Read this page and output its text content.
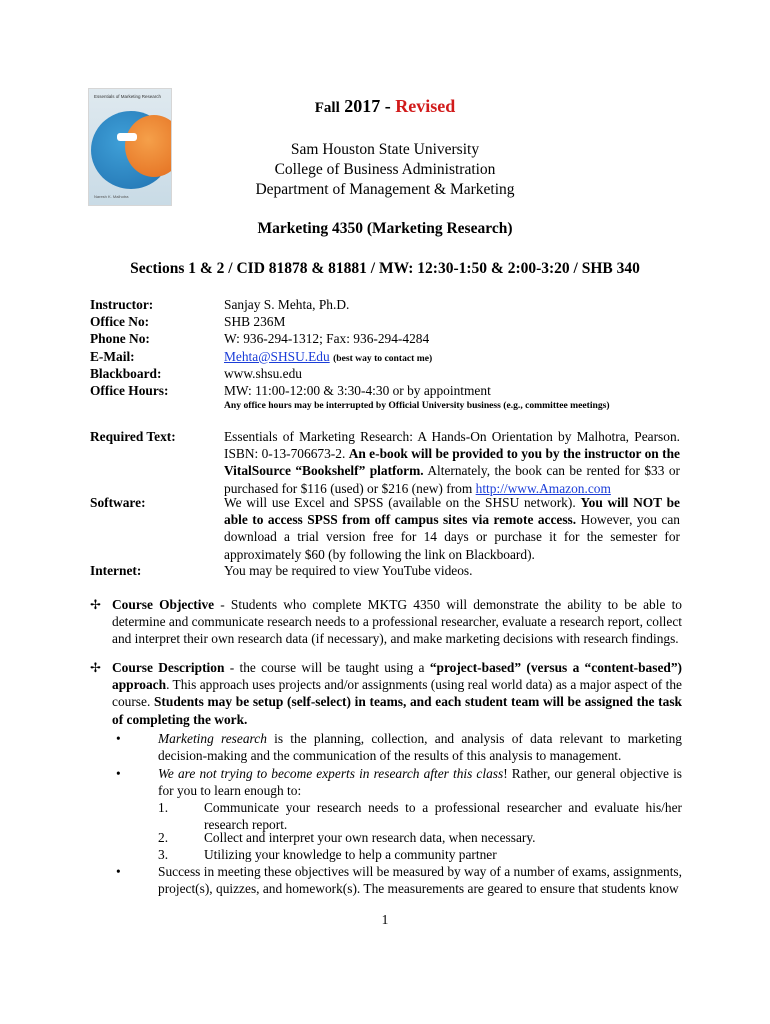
Essentials of Marketing Research
Naresh K. Malhotra
Fall 2017 - Revised
Sam Houston State University
College of Business Administration
Department of Management & Marketing
Marketing 4350 (Marketing Research)
Sections 1 & 2 / CID 81878 & 81881 / MW: 12:30-1:50 & 2:00-3:20 / SHB 340
Instructor:	Sanjay S. Mehta, Ph.D.
Office No:	SHB 236M
Phone No:	W: 936-294-1312; Fax: 936-294-4284
E-Mail:	Mehta@SHSU.Edu (best way to contact me)
Blackboard:	www.shsu.edu
Office Hours:	MW: 11:00-12:00 & 3:30-4:30 or by appointment
Any office hours may be interrupted by Official University business (e.g., committee meetings)
Required Text:	Essentials of Marketing Research: A Hands-On Orientation by Malhotra, Pearson. ISBN: 0-13-706673-2. An e-book will be provided to you by the instructor on the VitalSource “Bookshelf” platform. Alternately, the book can be rented for $33 or purchased for $116 (used) or $216 (new) from http://www.Amazon.com
Software:	We will use Excel and SPSS (available on the SHSU network). You will NOT be able to access SPSS from off campus sites via remote access. However, you can download a trial version free for 14 days or purchase it for the semester for approximately $60 (by following the link on Blackboard).
Internet:	You may be required to view YouTube videos.
✢ Course Objective - Students who complete MKTG 4350 will demonstrate the ability to be able to determine and communicate research needs to a professional researcher, evaluate a research report, collect and interpret their own research data (if necessary), and make marketing decisions with research findings.
✢ Course Description - the course will be taught using a “project-based” (versus a “content-based”) approach. This approach uses projects and/or assignments (using real world data) as a major aspect of the course. Students may be setup (self-select) in teams, and each student team will be assigned the task of completing the work.
•	Marketing research is the planning, collection, and analysis of data relevant to marketing decision-making and the communication of the results of this analysis to management.
•	We are not trying to become experts in research after this class! Rather, our general objective is for you to learn enough to:
1.	Communicate your research needs to a professional researcher and evaluate his/her research report.
2.	Collect and interpret your own research data, when necessary.
3.	Utilizing your knowledge to help a community partner
•	Success in meeting these objectives will be measured by way of a number of exams, assignments, project(s), quizzes, and homework(s). The measurements are geared to ensure that students know
1
